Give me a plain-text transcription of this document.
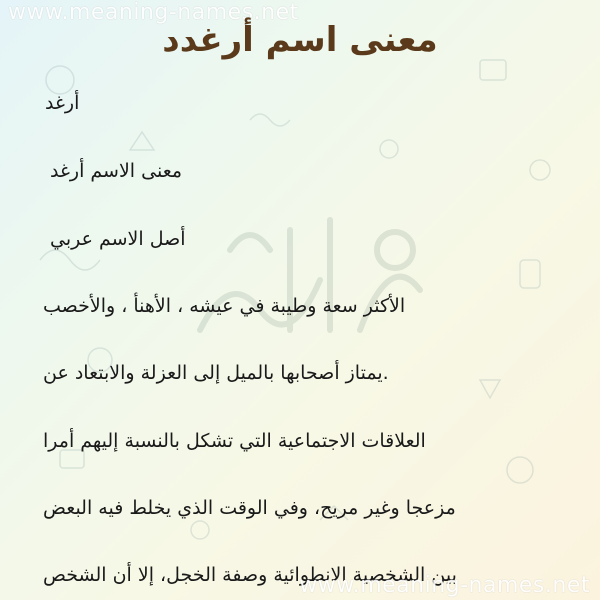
www.meaning-names.net
معنى اسم أرغدد
أرغد
معنى الاسم أرغد
أصل الاسم عربي
الأكثر سعة وطيبة في عيشه ، الأهنأ ، والأخصب
.يمتاز أصحابها بالميل إلى العزلة والابتعاد عن
العلاقات الاجتماعية التي تشكل بالنسبة إليهم أمرا
مزعجا وغير مريح، وفي الوقت الذي يخلط فيه البعض
بين الشخصية الانطوائية وصفة الخجل، إلا أن الشخص
www.meaning-names.net
